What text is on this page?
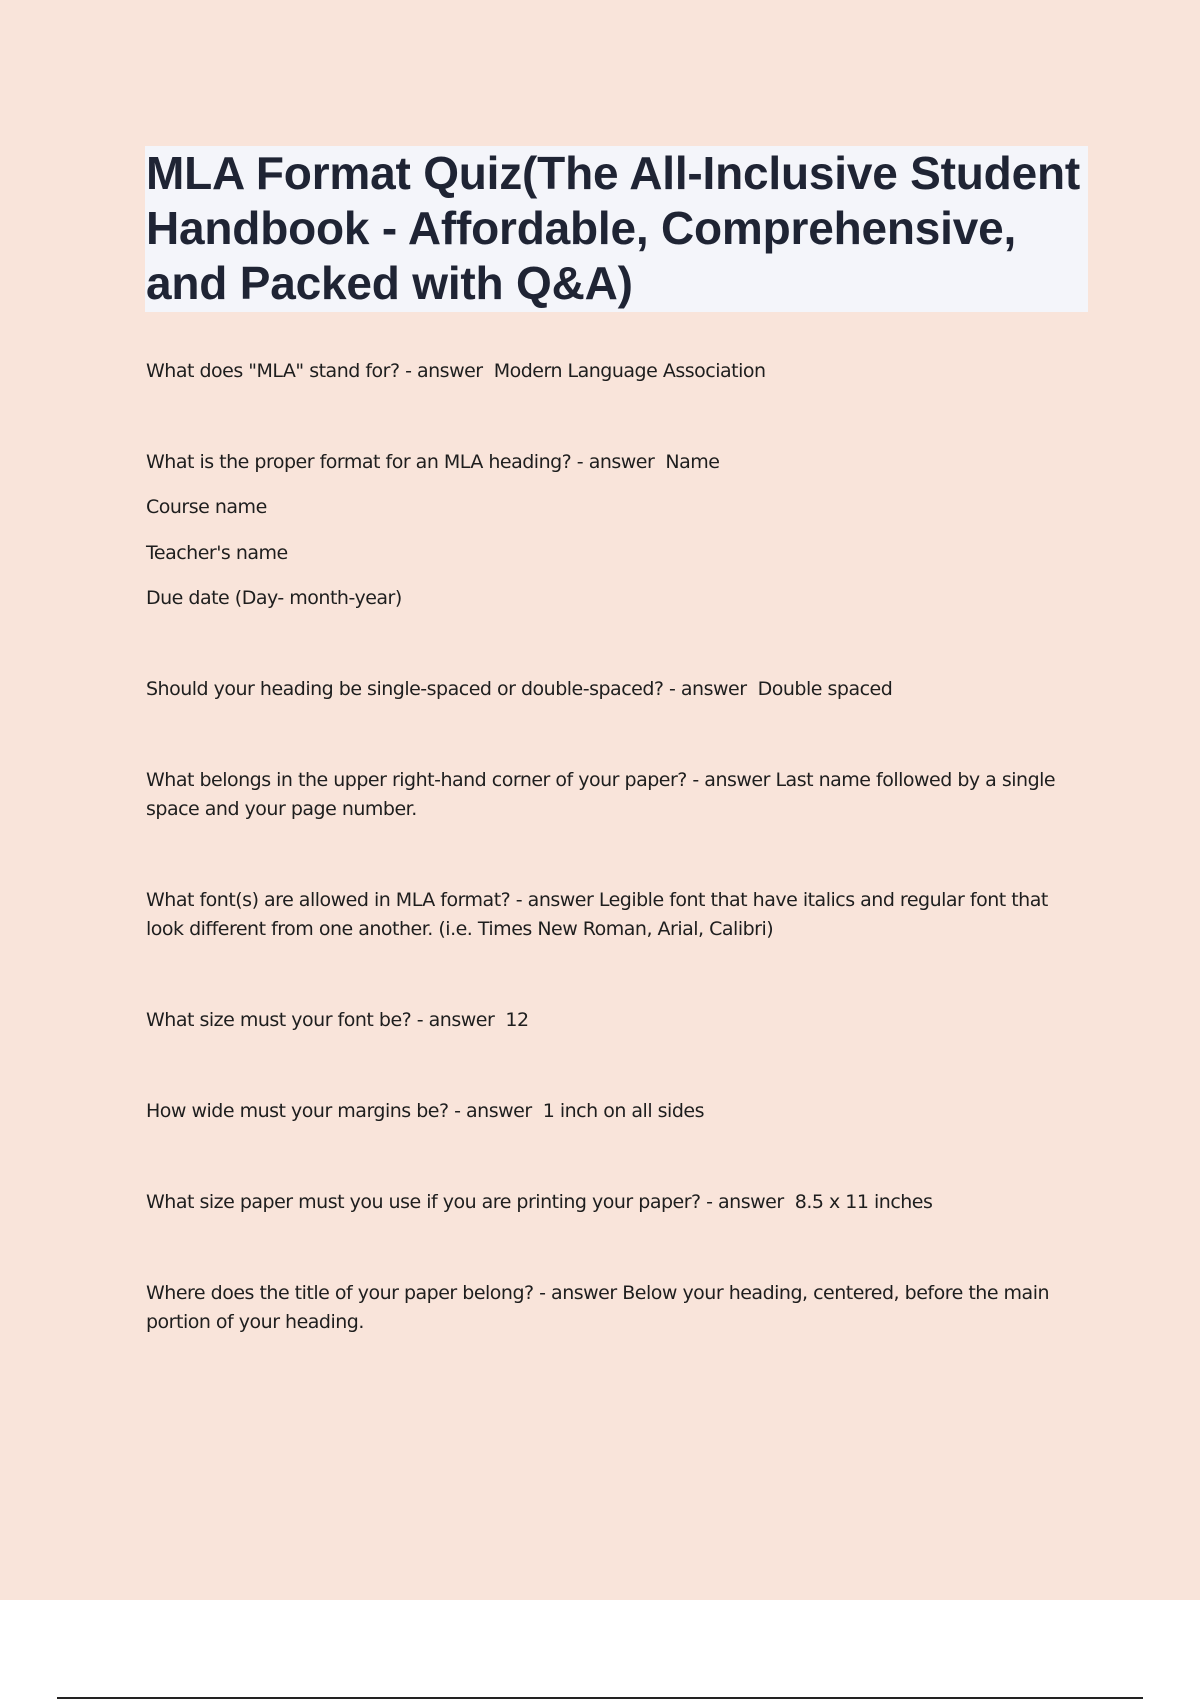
MLA Format Quiz(The All-Inclusive Student Handbook - Affordable, Comprehensive, and Packed with Q&A)

What does "MLA" stand for? - answer  Modern Language Association

What is the proper format for an MLA heading? - answer  Name

Course name

Teacher's name

Due date (Day- month-year)

Should your heading be single-spaced or double-spaced? - answer  Double spaced

What belongs in the upper right-hand corner of your paper? - answer Last name followed by a single space and your page number.

What font(s) are allowed in MLA format? - answer Legible font that have italics and regular font that look different from one another. (i.e. Times New Roman, Arial, Calibri)

What size must your font be? - answer  12

How wide must your margins be? - answer  1 inch on all sides

What size paper must you use if you are printing your paper? - answer  8.5 x 11 inches

Where does the title of your paper belong? - answer Below your heading, centered, before the main portion of your heading.
